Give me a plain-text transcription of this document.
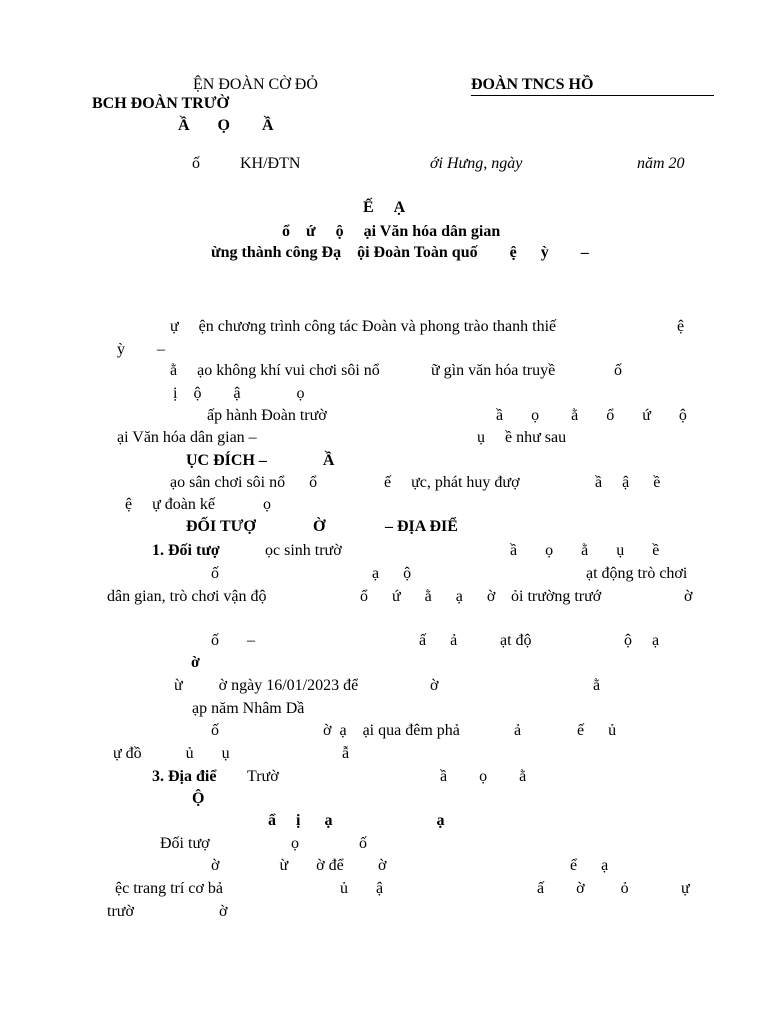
ỆN ĐOÀN CỜ ĐỎ	ĐOÀN TNCS HỒ
BCH ĐOÀN TRƯỜ
Ầ       Ọ        Ầ
ố          KH/ĐTN	ới Hưng, ngày	năm 20
Ế     Ạ
ổ    ứ     ộ     ại Văn hóa dân gian
ừng thành công Đạ    ội Đoàn Toàn quố        ệ      ỳ        –
ự     ện chương trình công tác Đoàn và phong trào thanh thiế	ệ
ỳ        –
ằ     ạo không khí vui chơi sôi nổ	ữ gìn văn hóa truyề	ố
ị    ộ        ậ              ọ
ấp hành Đoàn trườ	ầ       ọ        ằ       ổ       ứ       ộ
ại Văn hóa dân gian –	ụ     ề như sau
ỤC ĐÍCH –              Ầ
ạo sân chơi sôi nổ      ổ	ế     ực, phát huy đượ	ầ     ậ      ề
ệ     ự đoàn kế            ọ
ĐỐI TƯỢ	Ờ	– ĐỊA ĐIỂ
1. Đối tượ	ọc sinh trườ	ầ       ọ       ằ       ụ       ề
ố	ạ      ộ	ạt động trò chơi
dân gian, trò chơi vận độ	ổ      ứ      ằ      ạ      ờ ỏi trường trướ	ờ
ố       –	ấ      ả	ạt độ	ộ     ạ
ờ
ừ         ờ ngày 16/01/2023 để	ờ	ằ
ạp năm Nhâm Dầ
ố	ờ  ạ    ại qua đêm phả	ả	ế      ủ
ự đồ           ủ       ụ	ẫ
3. Địa điể Trườ	ầ        ọ        ằ
Ộ
ẩ     ị      ạ                          ạ
Đối tượ	ọ               ố
ờ               ừ       ờ để ờ	ể      ạ
ệc trang trí cơ bả	ủ       ậ	ấ        ờ         ỏ	ự
trườ	ờ
